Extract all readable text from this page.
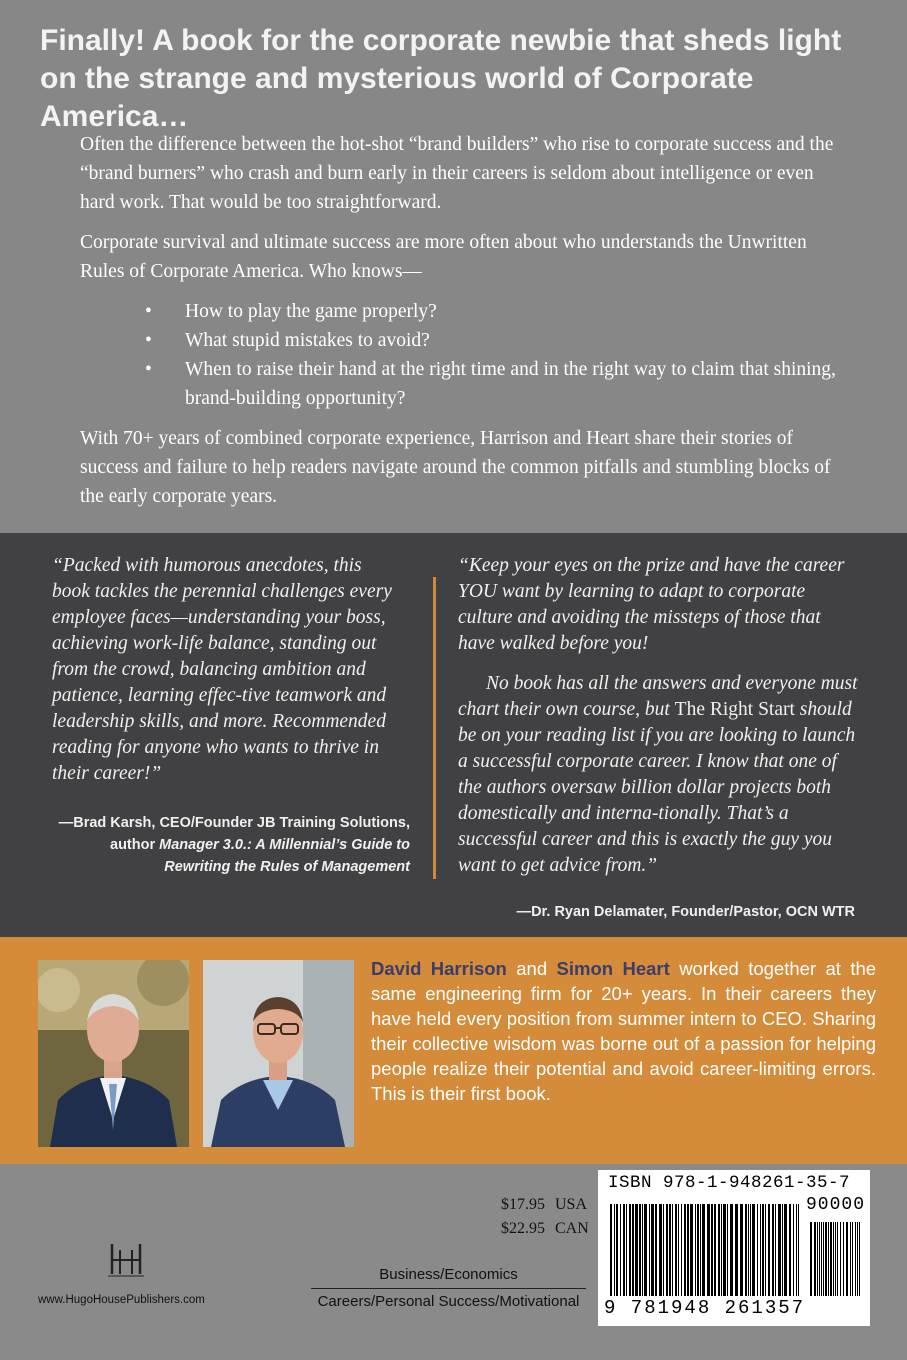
Finally! A book for the corporate newbie that sheds light on the strange and mysterious world of Corporate America…

Often the difference between the hot-shot “brand builders” who rise to corporate success and the “brand burners” who crash and burn early in their careers is seldom about intelligence or even hard work. That would be too straightforward.

Corporate survival and ultimate success are more often about who understands the Unwritten Rules of Corporate America. Who knows—

• How to play the game properly?
• What stupid mistakes to avoid?
• When to raise their hand at the right time and in the right way to claim that shining, brand-building opportunity?

With 70+ years of combined corporate experience, Harrison and Heart share their stories of success and failure to help readers navigate around the common pitfalls and stumbling blocks of the early corporate years.

“Packed with humorous anecdotes, this book tackles the perennial challenges every employee faces—understanding your boss, achieving work-life balance, standing out from the crowd, balancing ambition and patience, learning effec-tive teamwork and leadership skills, and more. Recommended reading for anyone who wants to thrive in their career!”

—Brad Karsh, CEO/Founder JB Training Solutions,
author Manager 3.0.: A Millennial’s Guide to Rewriting the Rules of Management

“Keep your eyes on the prize and have the career YOU want by learning to adapt to corporate culture and avoiding the missteps of those that have walked before you!

No book has all the answers and everyone must chart their own course, but The Right Start should be on your reading list if you are looking to launch a successful corporate career. I know that one of the authors oversaw billion dollar projects both domestically and interna-tionally. That’s a successful career and this is exactly the guy you want to get advice from.”

—Dr. Ryan Delamater, Founder/Pastor, OCN WTR

David Harrison and Simon Heart worked together at the same engineering firm for 20+ years. In their careers they have held every position from summer intern to CEO. Sharing their collective wisdom was borne out of a passion for helping people realize their potential and avoid career-limiting errors. This is their first book.

$17.95 USA
$22.95 CAN
Business/Economics
Careers/Personal Success/Motivational
www.HugoHousePublishers.com
ISBN 978-1-948261-35-7
90000
9 781948 261357
